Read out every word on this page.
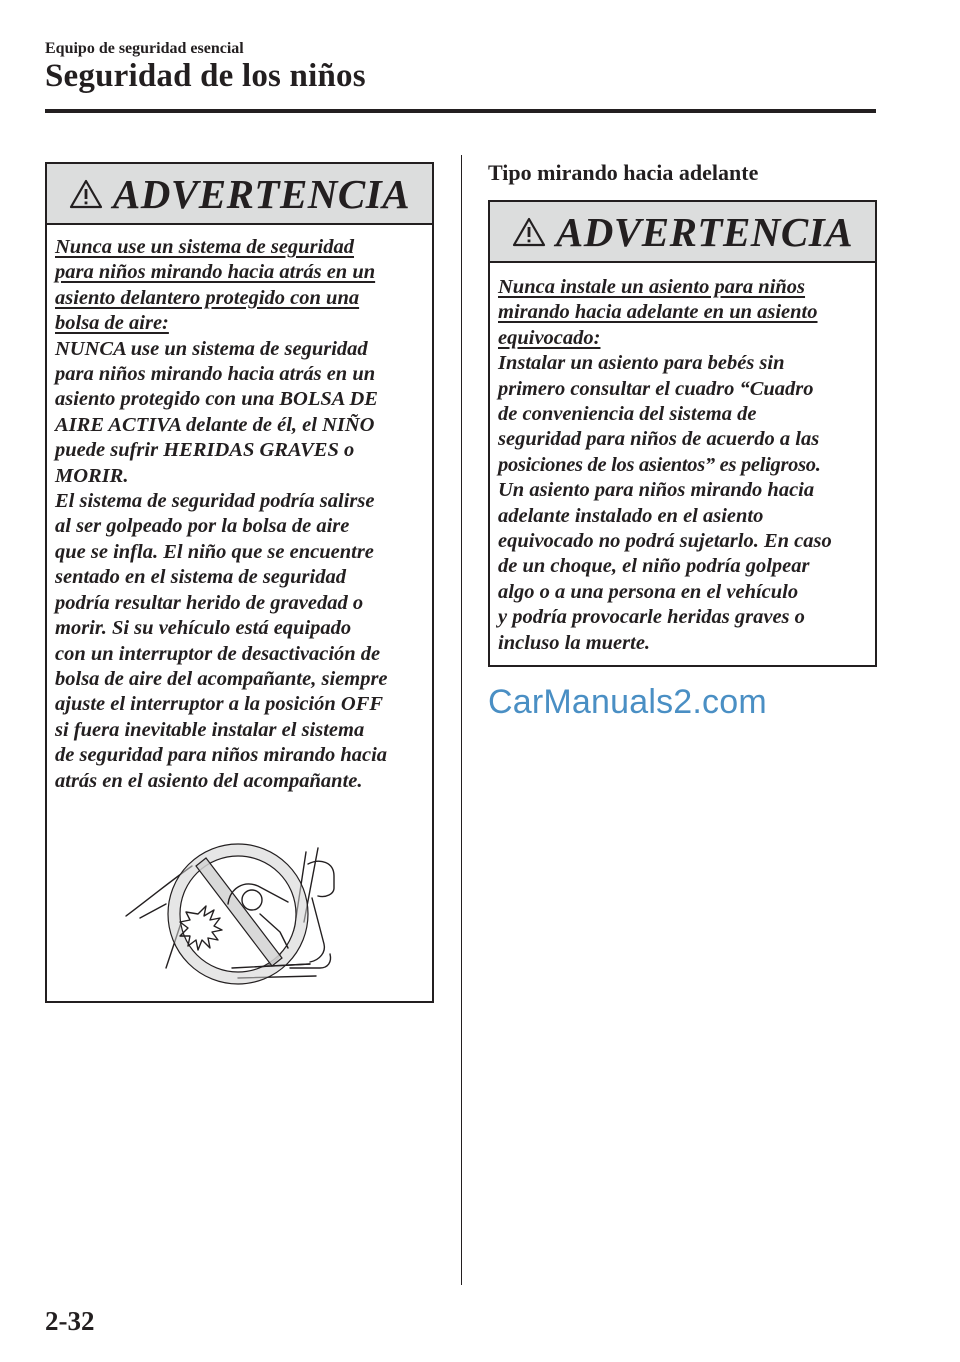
Equipo de seguridad esencial
Seguridad de los niños
ADVERTENCIA
Nunca use un sistema de seguridad
para niños mirando hacia atrás en un
asiento delantero protegido con una
bolsa de aire:
NUNCA use un sistema de seguridad
para niños mirando hacia atrás en un
asiento protegido con una BOLSA DE
AIRE ACTIVA delante de él, el NIÑO
puede sufrir HERIDAS GRAVES o
MORIR.
El sistema de seguridad podría salirse
al ser golpeado por la bolsa de aire
que se infla. El niño que se encuentre
sentado en el sistema de seguridad
podría resultar herido de gravedad o
morir. Si su vehículo está equipado
con un interruptor de desactivación de
bolsa de aire del acompañante, siempre
ajuste el interruptor a la posición OFF
si fuera inevitable instalar el sistema
de seguridad para niños mirando hacia
atrás en el asiento del acompañante.
Tipo mirando hacia adelante
ADVERTENCIA
Nunca instale un asiento para niños
mirando hacia adelante en un asiento
equivocado:
Instalar un asiento para bebés sin
primero consultar el cuadro “Cuadro
de conveniencia del sistema de
seguridad para niños de acuerdo a las
posiciones de los asientos” es peligroso.
Un asiento para niños mirando hacia
adelante instalado en el asiento
equivocado no podrá sujetarlo. En caso
de un choque, el niño podría golpear
algo o a una persona en el vehículo
y podría provocarle heridas graves o
incluso la muerte.
CarManuals2.com
2-32
